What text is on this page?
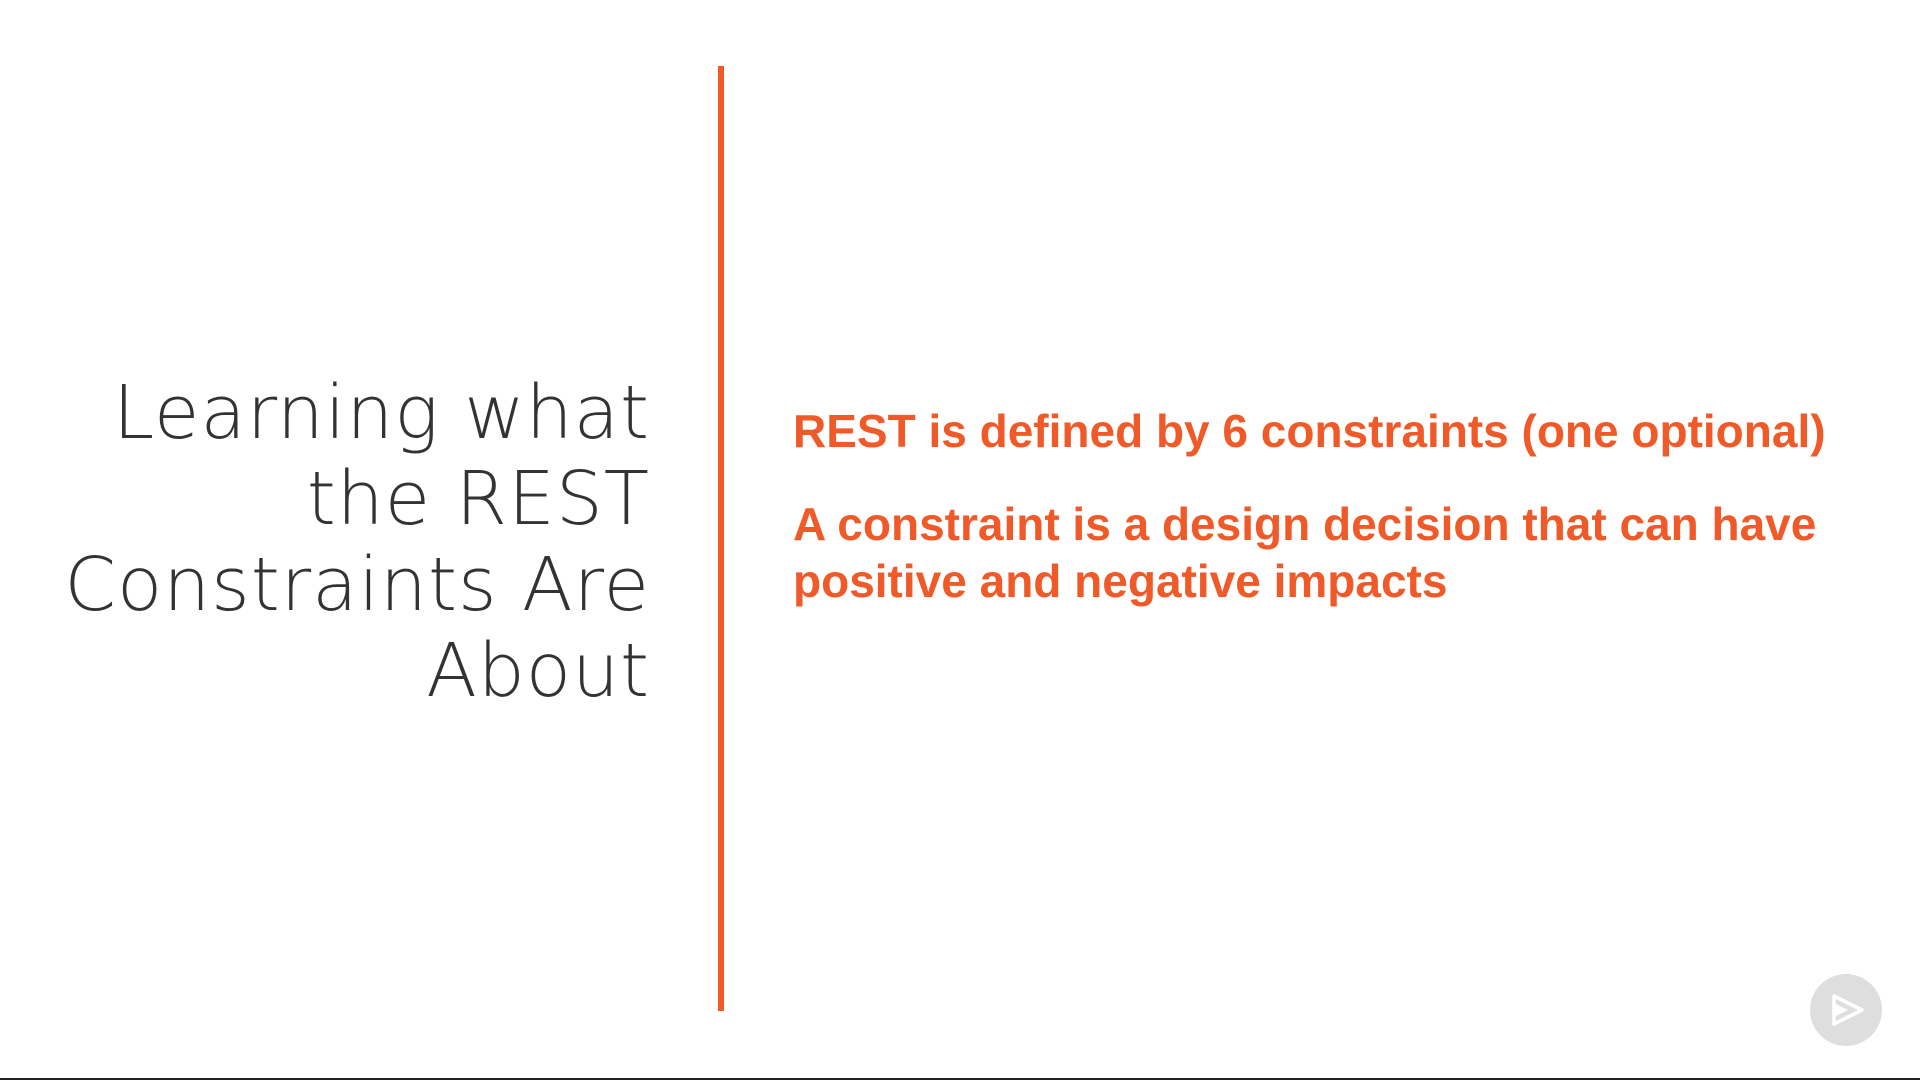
Learning what
the REST
Constraints Are
About

REST is defined by 6 constraints (one optional)

A constraint is a design decision that can have positive and negative impacts
